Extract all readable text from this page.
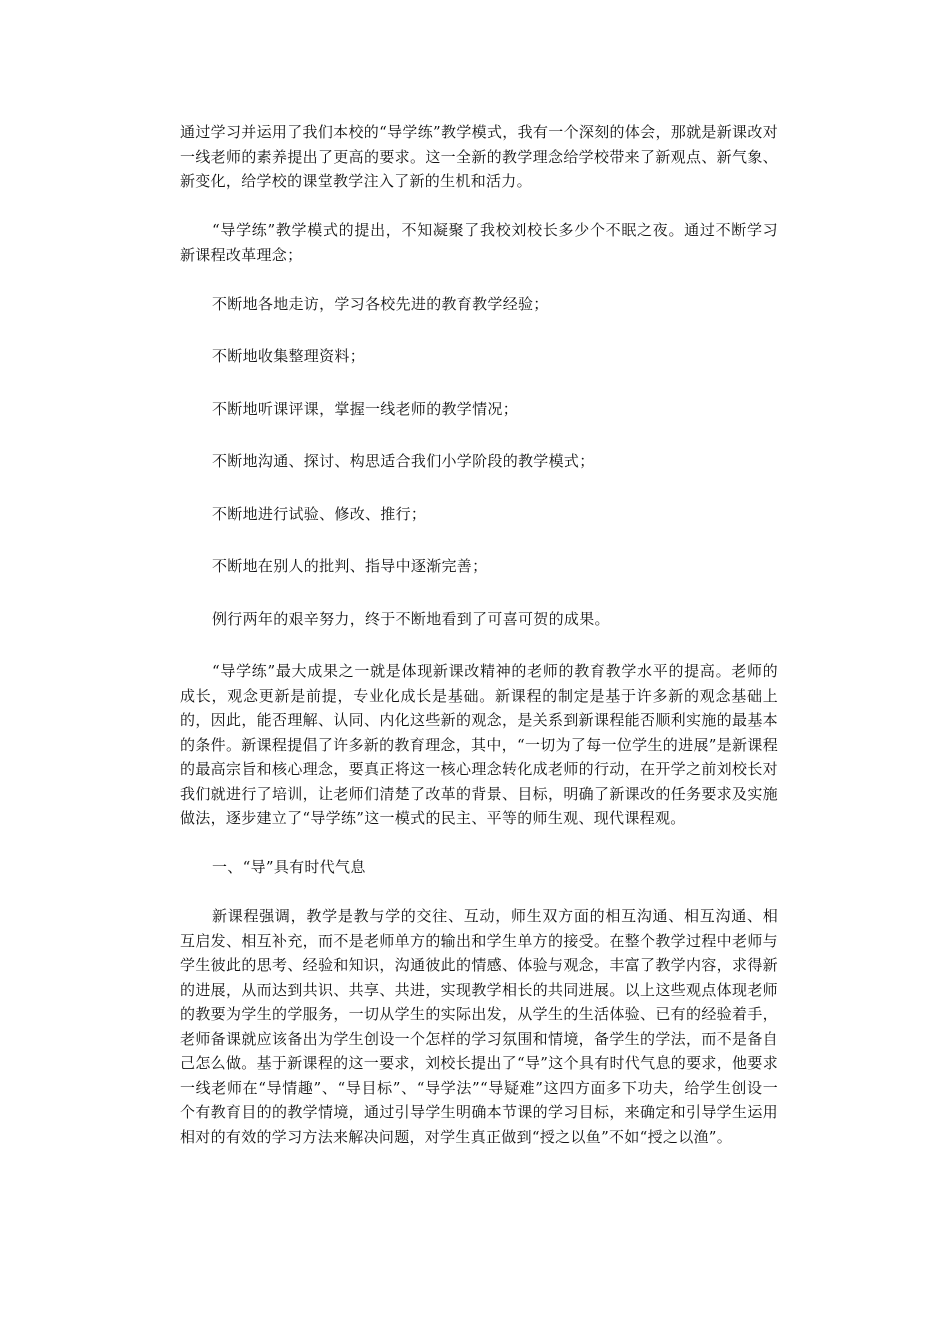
通过学习并运用了我们本校的“导学练”教学模式，我有一个深刻的体会，那就是新课改对一线老师的素养提出了更高的要求。这一全新的教学理念给学校带来了新观点、新气象、新变化，给学校的课堂教学注入了新的生机和活力。

“导学练”教学模式的提出，不知凝聚了我校刘校长多少个不眠之夜。通过不断学习新课程改革理念；

不断地各地走访，学习各校先进的教育教学经验；

不断地收集整理资料；

不断地听课评课，掌握一线老师的教学情况；

不断地沟通、探讨、构思适合我们小学阶段的教学模式；

不断地进行试验、修改、推行；

不断地在别人的批判、指导中逐渐完善；

例行两年的艰辛努力，终于不断地看到了可喜可贺的成果。

“导学练”最大成果之一就是体现新课改精神的老师的教育教学水平的提高。老师的成长，观念更新是前提，专业化成长是基础。新课程的制定是基于许多新的观念基础上的，因此，能否理解、认同、内化这些新的观念，是关系到新课程能否顺利实施的最基本的条件。新课程提倡了许多新的教育理念，其中，“一切为了每一位学生的进展”是新课程的最高宗旨和核心理念，要真正将这一核心理念转化成老师的行动，在开学之前刘校长对我们就进行了培训，让老师们清楚了改革的背景、目标，明确了新课改的任务要求及实施做法，逐步建立了“导学练”这一模式的民主、平等的师生观、现代课程观。

一、“导”具有时代气息

新课程强调，教学是教与学的交往、互动，师生双方面的相互沟通、相互沟通、相互启发、相互补充，而不是老师单方的输出和学生单方的接受。在整个教学过程中老师与学生彼此的思考、经验和知识，沟通彼此的情感、体验与观念，丰富了教学内容，求得新的进展，从而达到共识、共享、共进，实现教学相长的共同进展。以上这些观点体现老师的教要为学生的学服务，一切从学生的实际出发，从学生的生活体验、已有的经验着手，老师备课就应该备出为学生创设一个怎样的学习氛围和情境，备学生的学法，而不是备自己怎么做。基于新课程的这一要求，刘校长提出了“导”这个具有时代气息的要求，他要求一线老师在“导情趣”、“导目标”、“导学法”“导疑难”这四方面多下功夫，给学生创设一个有教育目的的教学情境，通过引导学生明确本节课的学习目标，来确定和引导学生运用相对的有效的学习方法来解决问题，对学生真正做到“授之以鱼”不如“授之以渔”。
